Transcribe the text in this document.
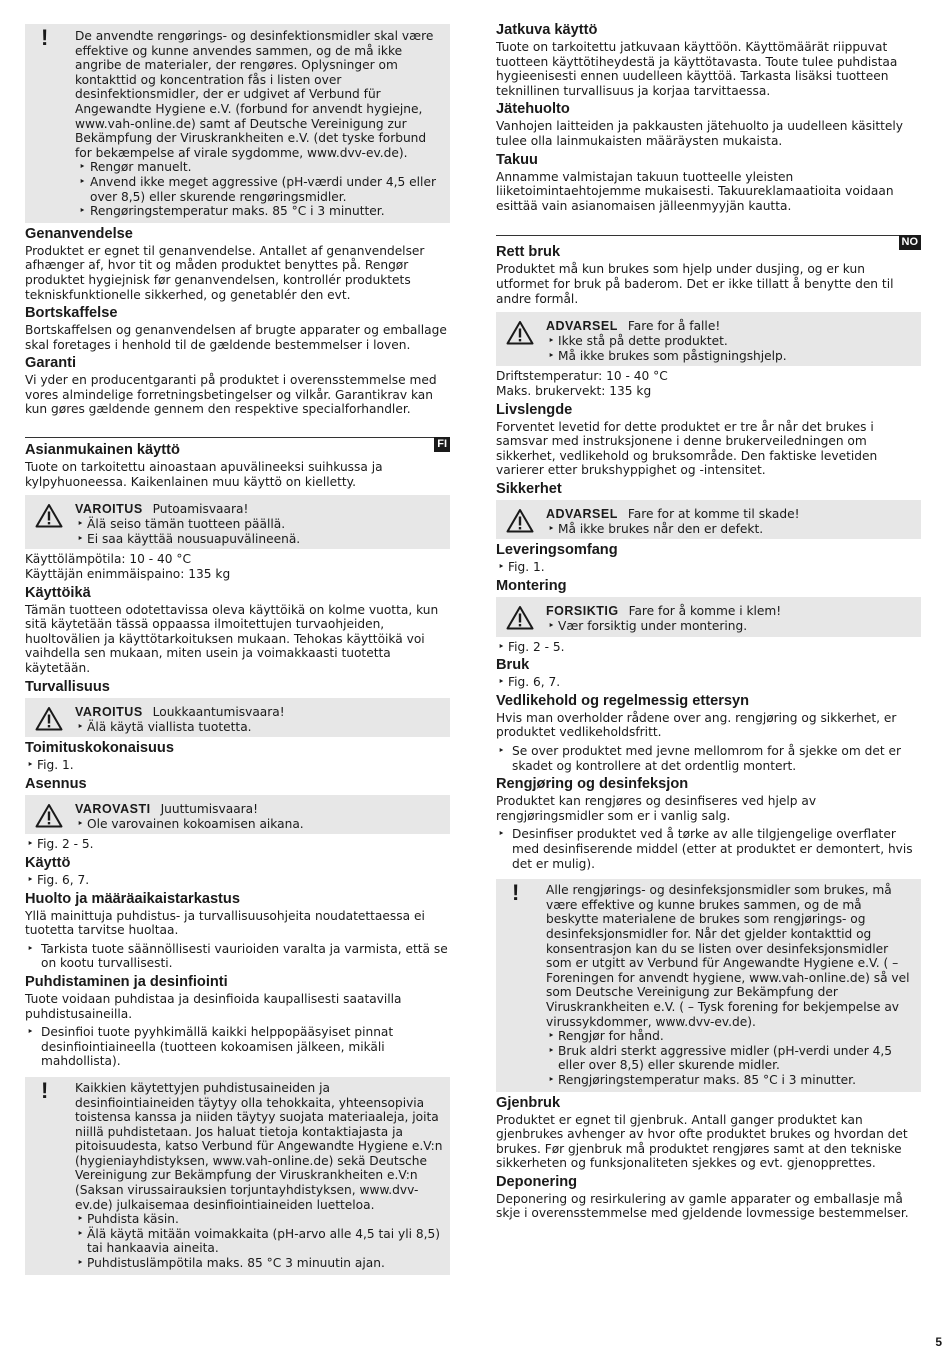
! De anvendte rengørings- og desinfektionsmidler skal være effektive og kunne anvendes sammen, og de må ikke angribe de materialer, der rengøres. Oplysninger om kontakttid og koncentration fås i listen over desinfektionsmidler, der er udgivet af Verbund für Angewandte Hygiene e.V. (forbund for anvendt hygiejne, www.vah-online.de) samt af Deutsche Vereinigung zur Bekämpfung der Viruskrankheiten e.V. (det tyske forbund for bekæmpelse af virale sygdomme, www.dvv-ev.de).

‣ Rengør manuelt.

‣ Anvend ikke meget aggressive (pH-værdi under 4,5 eller over 8,5) eller skurende rengøringsmidler.

‣ Rengøringstemperatur maks. 85 °C i 3 minutter.

Genanvendelse

Produktet er egnet til genanvendelse. Antallet af genanvendelser afhænger af, hvor tit og måden produktet benyttes på. Rengør produktet hygiejnisk før genanvendelsen, kontrollér produktets tekniskfunktionelle sikkerhed, og genetablér den evt.

Bortskaffelse

Bortskaffelsen og genanvendelsen af brugte apparater og emballage skal foretages i henhold til de gældende bestemmelser i loven.

Garanti

Vi yder en producentgaranti på produktet i overensstemmelse med vores almindelige forretningsbetingelser og vilkår. Garantikrav kan kun gøres gældende gennem den respektive specialforhandler.

FI
Asianmukainen käyttö

Tuote on tarkoitettu ainoastaan apuvälineeksi suihkussa ja kylpyhuoneessa. Kaikenlainen muu käyttö on kielletty.

VAROITUS Putoamisvaara!

‣ Älä seiso tämän tuotteen päällä.

‣ Ei saa käyttää nousuapuvälineenä.

Käyttölämpötila: 10 - 40 °C

Käyttäjän enimmäispaino: 135 kg

Käyttöikä

Tämän tuotteen odotettavissa oleva käyttöikä on kolme vuotta, kun sitä käytetään tässä oppaassa ilmoitettujen turvaohjeiden, huoltovälien ja käyttötarkoituksen mukaan. Tehokas käyttöikä voi vaihdella sen mukaan, miten usein ja voimakkaasti tuotetta käytetään.

Turvallisuus
VAROITUS Loukkaantumisvaara!

‣ Älä käytä viallista tuotetta.

Toimituskokonaisuus

‣ Fig. 1.

Asennus
VAROVASTI Juuttumisvaara!

‣ Ole varovainen kokoamisen aikana.

‣ Fig. 2 - 5.

Käyttö

‣ Fig. 6, 7.

Huolto ja määräaikaistarkastus

Yllä mainittuja puhdistus- ja turvallisuusohjeita noudatettaessa ei tuotetta tarvitse huoltaa.

‣ Tarkista tuote säännöllisesti vaurioiden varalta ja varmista, että se on kootu turvallisesti.

Puhdistaminen ja desinfiointi

Tuote voidaan puhdistaa ja desinfioida kaupallisesti saatavilla puhdistusaineilla.

‣ Desinfioi tuote pyyhkimällä kaikki helppopääsyiset pinnat desinfiointiaineella (tuotteen kokoamisen jälkeen, mikäli mahdollista).

! Kaikkien käytettyjen puhdistusaineiden ja desinfiointiaineiden täytyy olla tehokkaita, yhteensopivia toistensa kanssa ja niiden täytyy suojata materiaaleja, joita niillä puhdistetaan. Jos haluat tietoja kontaktiajasta ja pitoisuudesta, katso Verbund für Angewandte Hygiene e.V:n (hygieniayhdistyksen, www.vah-online.de) sekä Deutsche Vereinigung zur Bekämpfung der Viruskrankheiten e.V:n (Saksan virussairauksien torjuntayhdistyksen, www.dvv-ev.de) julkaisemaa desinfiointiaineiden luetteloa.

‣ Puhdista käsin.

‣ Älä käytä mitään voimakkaita (pH-arvo alle 4,5 tai yli 8,5) tai hankaavia aineita.

‣ Puhdistuslämpötila maks. 85 °C 3 minuutin ajan.

Jatkuva käyttö

Tuote on tarkoitettu jatkuvaan käyttöön. Käyttömäärät riippuvat tuotteen käyttötiheydestä ja käyttötavasta. Toute tulee puhdistaa hygieenisesti ennen uudelleen käyttöä. Tarkasta lisäksi tuotteen teknillinen turvallisuus ja korjaa tarvittaessa.

Jätehuolto

Vanhojen laitteiden ja pakkausten jätehuolto ja uudelleen käsittely tulee olla lainmukaisten määräysten mukaista.

Takuu

Annamme valmistajan takuun tuotteelle yleisten liiketoimintaehtojemme mukaisesti. Takuureklamaatioita voidaan esittää vain asianomaisen jälleenmyyjän kautta.

NO
Rett bruk

Produktet må kun brukes som hjelp under dusjing, og er kun utformet for bruk på baderom. Det er ikke tillatt å benytte den til andre formål.

ADVARSEL Fare for å falle!

‣ Ikke stå på dette produktet.

‣ Må ikke brukes som påstigningshjelp.

Driftstemperatur: 10 - 40 °C

Maks. brukervekt: 135 kg

Livslengde

Forventet levetid for dette produktet er tre år når det brukes i samsvar med instruksjonene i denne brukerveiledningen om sikkerhet, vedlikehold og bruksområde. Den faktiske levetiden varierer etter brukshyppighet og -intensitet.

Sikkerhet
ADVARSEL Fare for at komme til skade!

‣ Må ikke brukes når den er defekt.

Leveringsomfang

‣ Fig. 1.

Montering
FORSIKTIG Fare for å komme i klem!

‣ Vær forsiktig under montering.

‣ Fig. 2 - 5.

Bruk

‣ Fig. 6, 7.

Vedlikehold og regelmessig ettersyn

Hvis man overholder rådene over ang. rengjøring og sikkerhet, er produktet vedlikeholdsfritt.

‣ Se over produktet med jevne mellomrom for å sjekke om det er skadet og kontrollere at det ordentlig montert.

Rengjøring og desinfeksjon

Produktet kan rengjøres og desinfiseres ved hjelp av rengjøringsmidler som er i vanlig salg.

‣ Desinfiser produktet ved å tørke av alle tilgjengelige overflater med desinfiserende middel (etter at produktet er demontert, hvis det er mulig).

! Alle rengjørings- og desinfeksjonsmidler som brukes, må være effektive og kunne brukes sammen, og de må beskytte materialene de brukes som rengjørings- og desinfeksjonsmidler for. Når det gjelder kontakttid og konsentrasjon kan du se listen over desinfeksjonsmidler som er utgitt av Verbund für Angewandte Hygiene e.V. ( – Foreningen for anvendt hygiene, www.vah-online.de) så vel som Deutsche Vereinigung zur Bekämpfung der Viruskrankheiten e.V. ( – Tysk forening for bekjempelse av virussykdommer, www.dvv-ev.de).

‣ Rengjør for hånd.

‣ Bruk aldri sterkt aggressive midler (pH-verdi under 4,5 eller over 8,5) eller skurende midler.

‣ Rengjøringstemperatur maks. 85 °C i 3 minutter.

Gjenbruk

Produktet er egnet til gjenbruk. Antall ganger produktet kan gjenbrukes avhenger av hvor ofte produktet brukes og hvordan det brukes. Før gjenbruk må produktet rengjøres samt at den tekniske sikkerheten og funksjonaliteten sjekkes og evt. gjenopprettes.

Deponering

Deponering og resirkulering av gamle apparater og emballasje må skje i overensstemmelse med gjeldende lovmessige bestemmelser.

5
